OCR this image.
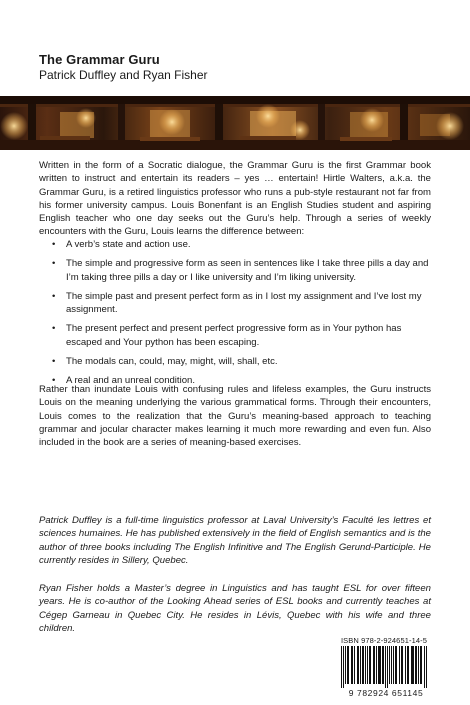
The Grammar Guru
Patrick Duffley and Ryan Fisher
Written in the form of a Socratic dialogue, the Grammar Guru is the first Grammar book written to instruct and entertain its readers – yes … entertain! Hirtle Walters, a.k.a. the Grammar Guru, is a retired linguistics professor who runs a pub-style restaurant not far from his former university campus. Louis Bonenfant is an English Studies student and aspiring English teacher who one day seeks out the Guru’s help. Through a series of weekly encounters with the Guru, Louis learns the difference between:
• A verb’s state and action use.
• The simple and progressive form as seen in sentences like I take three pills a day and I’m taking three pills a day or I like university and I’m liking university.
• The simple past and present perfect form as in I lost my assignment and I’ve lost my assignment.
• The present perfect and present perfect progressive form as in Your python has escaped and Your python has been escaping.
• The modals can, could, may, might, will, shall, etc.
• A real and an unreal condition.
Rather than inundate Louis with confusing rules and lifeless examples, the Guru instructs Louis on the meaning underlying the various grammatical forms. Through their encounters, Louis comes to the realization that the Guru’s meaning-based approach to teaching grammar and jocular character makes learning it much more rewarding and even fun. Also included in the book are a series of meaning-based exercises.
Patrick Duffley is a full-time linguistics professor at Laval University’s Faculté les lettres et sciences humaines. He has published extensively in the field of English semantics and is the author of three books including The English Infinitive and The English Gerund-Participle. He currently resides in Sillery, Quebec.
Ryan Fisher holds a Master’s degree in Linguistics and has taught ESL for over fifteen years. He is co-author of the Looking Ahead series of ESL books and currently teaches at Cégep Garneau in Quebec City. He resides in Lévis, Quebec with his wife and three children.
ISBN 978-2-924651-14-5
9 782924 651145
